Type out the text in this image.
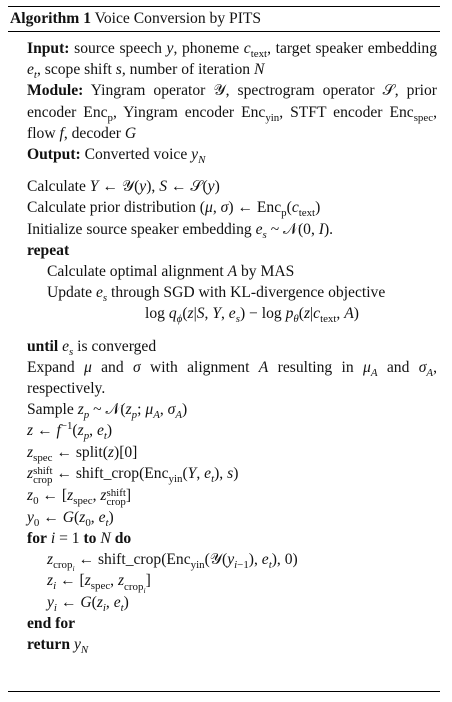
Algorithm 1 Voice Conversion by PITS
Input: source speech y, phoneme $c_{text}$, target speaker embedding $e_t$, scope shift s, number of iteration N
Module: Yingram operator 𝒴, spectrogram operator 𝒮, prior encoder Enc$_p$, Yingram encoder Enc$_{yin}$, STFT encoder Enc$_{spec}$, flow f, decoder G
Output: Converted voice $y_N$
Calculate Y ← 𝒴(y), S ← 𝒮(y)
Calculate prior distribution (μ, σ) ← $Enc_p(c_{text})$
Initialize source speaker embedding $e_s$ ~ 𝒩(0, I).
repeat
Calculate optimal alignment A by MAS
Update $e_s$ through SGD with KL-divergence objective
$\log q_\phi(z|S$, Y, $e_s) - \log p_\theta(z|c_{text}$, A)
until $e_s$ is converged
Expand μ and σ with alignment A resulting in $\mu_A$ and $\sigma_A$, respectively.
Sample $z_p$ ~ $𝒩(z_p$; $\mu_A$, $\sigma_A$)
z ← $f^{-1}(z_p$, $e_t$)
$z_{spec}$ ← split(z)[0]
z shift
crop ← shift_crop(Enc$_{yin}$(Y, $e_t$), s)
$z_0$ ← [$z_{spec}$, z shift
crop ]
$y_0$ ← $G(z_0$, $e_t$)
for i = 1 to N do
$z_{crop_i}$ ← $shift\_crop(Enc_{yin}(𝒴(y_{i-1})$, $e_t$), 0)
$z_i$ ← [$z_{spec}$, $z_{crop_i}$]
$y_i$ ← $G(z_i$, $e_t$)
end for
return $y_N$
